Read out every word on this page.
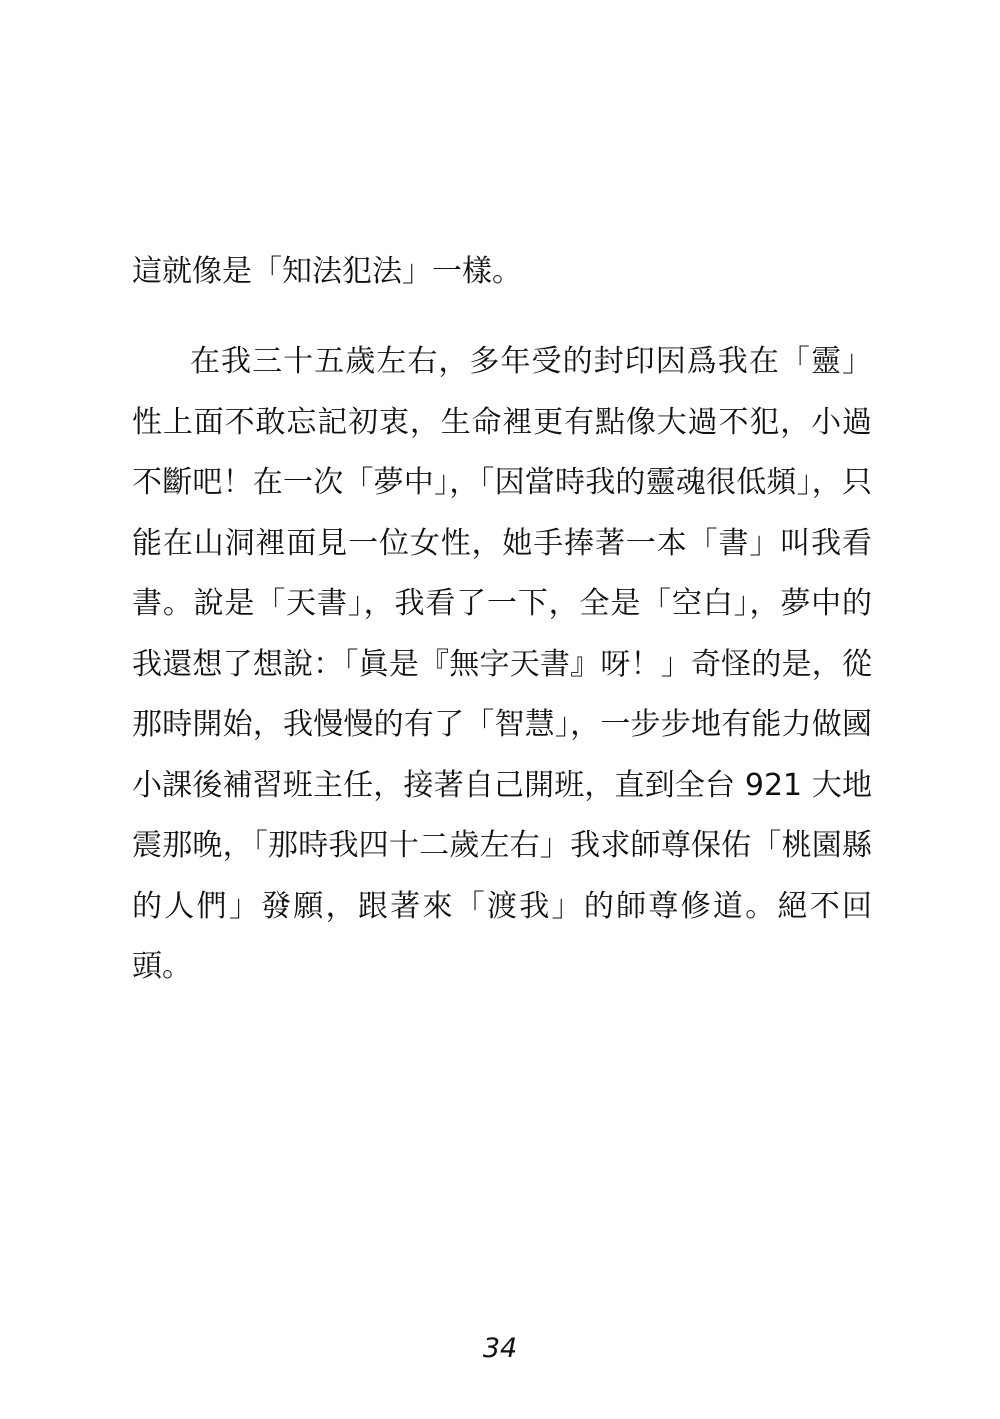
這就像是「知法犯法」一樣。
在我三十五歲左右，多年受的封印因爲我在「靈」
性上面不敢忘記初衷，生命裡更有點像大過不犯，小過
不斷吧！在一次「夢中」，「因當時我的靈魂很低頻」，只
能在山洞裡面見一位女性，她手捧著一本「書」叫我看
書。說是「天書」，我看了一下，全是「空白」，夢中的
我還想了想說：「眞是『無字天書』呀！」奇怪的是，從
那時開始，我慢慢的有了「智慧」，一步步地有能力做國
小課後補習班主任，接著自己開班，直到全台 921 大地
震那晚，「那時我四十二歲左右」我求師尊保佑「桃園縣
的人們」發願，跟著來「渡我」的師尊修道。絕不回
頭。
34
